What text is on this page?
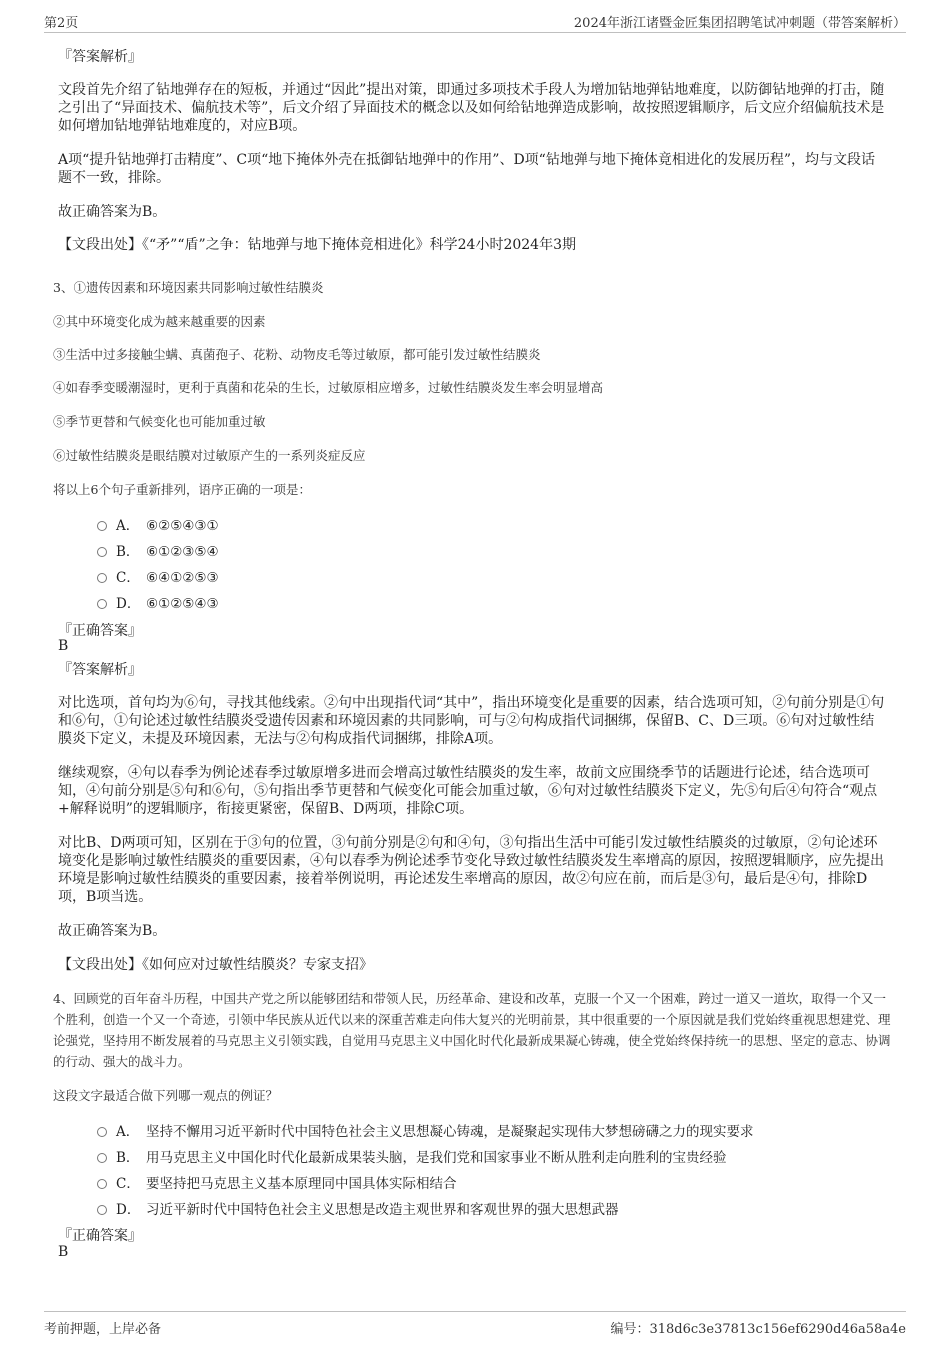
第2页	2024年浙江诸暨金匠集团招聘笔试冲刺题（带答案解析）

『答案解析』

文段首先介绍了钻地弹存在的短板，并通过“因此”提出对策，即通过多项技术手段人为增加钻地弹钻地难度，以防御钻地弹的打击，随之引出了“异面技术、偏航技术等”，后文介绍了异面技术的概念以及如何给钻地弹造成影响，故按照逻辑顺序，后文应介绍偏航技术是如何增加钻地弹钻地难度的，对应B项。

A项“提升钻地弹打击精度”、C项“地下掩体外壳在抵御钻地弹中的作用”、D项“钻地弹与地下掩体竟相进化的发展历程”，均与文段话题不一致，排除。

故正确答案为B。

【文段出处】《“矛”“盾”之争：钻地弹与地下掩体竞相进化》科学24小时2024年3期

3、①遗传因素和环境因素共同影响过敏性结膜炎

②其中环境变化成为越来越重要的因素

③生活中过多接触尘螨、真菌孢子、花粉、动物皮毛等过敏原，都可能引发过敏性结膜炎

④如春季变暖潮湿时，更利于真菌和花朵的生长，过敏原相应增多，过敏性结膜炎发生率会明显增高

⑤季节更替和气候变化也可能加重过敏

⑥过敏性结膜炎是眼结膜对过敏原产生的一系列炎症反应

将以上6个句子重新排列，语序正确的一项是：

A． ⑥②⑤④③①
B． ⑥①②③⑤④
C． ⑥④①②⑤③
D． ⑥①②⑤④③

『正确答案』

B

『答案解析』

对比选项，首句均为⑥句，寻找其他线索。②句中出现指代词“其中”，指出环境变化是重要的因素，结合选项可知，②句前分别是①句和⑥句，①句论述过敏性结膜炎受遗传因素和环境因素的共同影响，可与②句构成指代词捆绑，保留B、C、D三项。⑥句对过敏性结膜炎下定义，未提及环境因素，无法与②句构成指代词捆绑，排除A项。

继续观察，④句以春季为例论述春季过敏原增多进而会增高过敏性结膜炎的发生率，故前文应围绕季节的话题进行论述，结合选项可知，④句前分别是⑤句和⑥句，⑤句指出季节更替和气候变化可能会加重过敏，⑥句对过敏性结膜炎下定义，先⑤句后④句符合“观点+解释说明”的逻辑顺序，衔接更紧密，保留B、D两项，排除C项。

对比B、D两项可知，区别在于③句的位置，③句前分别是②句和④句，③句指出生活中可能引发过敏性结膜炎的过敏原，②句论述环境变化是影响过敏性结膜炎的重要因素，④句以春季为例论述季节变化导致过敏性结膜炎发生率增高的原因，按照逻辑顺序，应先提出环境是影响过敏性结膜炎的重要因素，接着举例说明，再论述发生率增高的原因，故②句应在前，而后是③句，最后是④句，排除D项，B项当选。

故正确答案为B。

【文段出处】《如何应对过敏性结膜炎？专家支招》

4、回顾党的百年奋斗历程，中国共产党之所以能够团结和带领人民，历经革命、建设和改革，克服一个又一个困难，跨过一道又一道坎，取得一个又一个胜利，创造一个又一个奇迹，引领中华民族从近代以来的深重苦难走向伟大复兴的光明前景，其中很重要的一个原因就是我们党始终重视思想建党、理论强党，坚持用不断发展着的马克思主义引领实践，自觉用马克思主义中国化时代化最新成果凝心铸魂，使全党始终保持统一的思想、坚定的意志、协调的行动、强大的战斗力。

这段文字最适合做下列哪一观点的例证？

A． 坚持不懈用习近平新时代中国特色社会主义思想凝心铸魂，是凝聚起实现伟大梦想磅礴之力的现实要求
B． 用马克思主义中国化时代化最新成果装头脑，是我们党和国家事业不断从胜利走向胜利的宝贵经验
C． 要坚持把马克思主义基本原理同中国具体实际相结合
D． 习近平新时代中国特色社会主义思想是改造主观世界和客观世界的强大思想武器

『正确答案』

B

考前押题，上岸必备	编号：318d6c3e37813c156ef6290d46a58a4e
